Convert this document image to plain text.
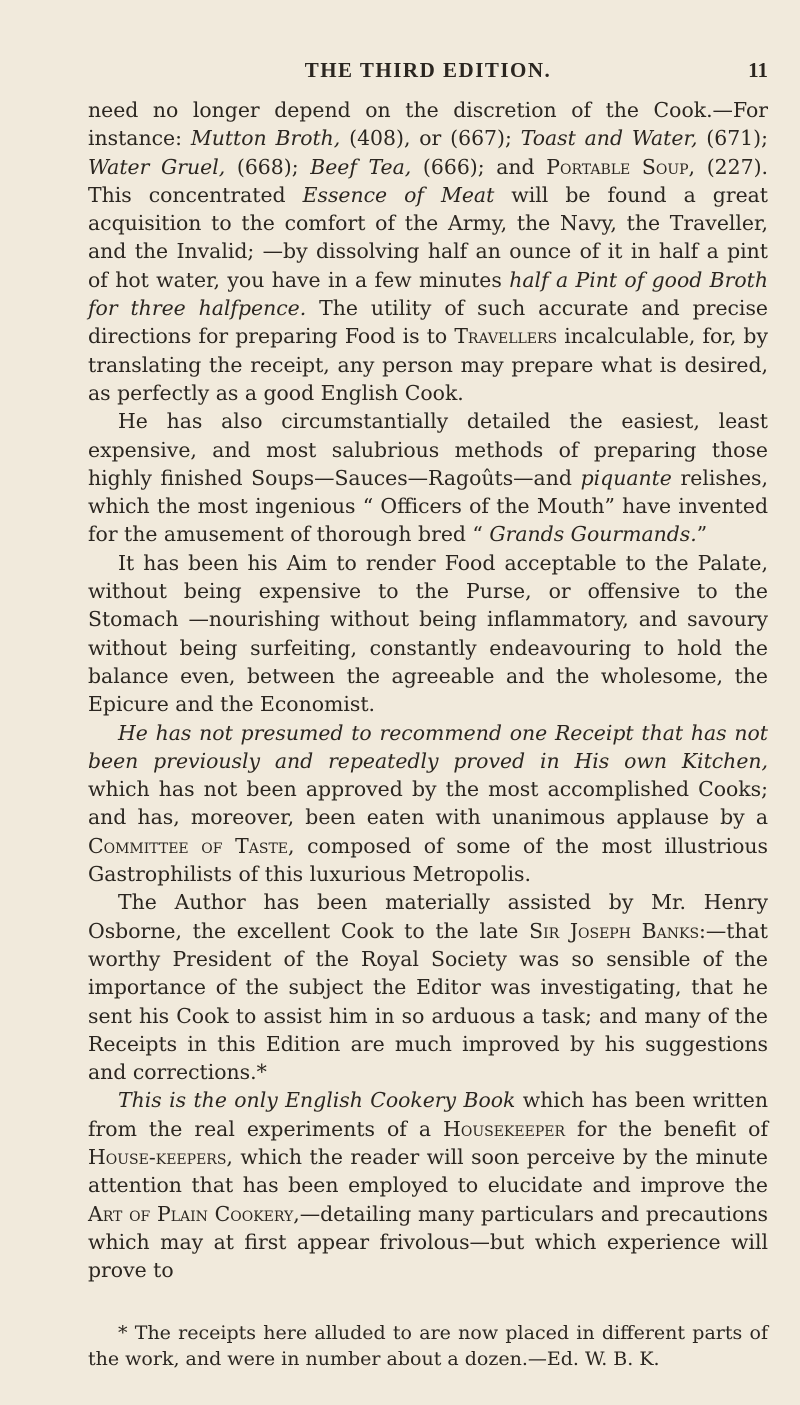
THE THIRD EDITION.	11

need no longer depend on the discretion of the Cook.—For instance: Mutton Broth, (408), or (667); Toast and Water, (671); Water Gruel, (668); Beef Tea, (666); and Portable Soup, (227). This concentrated Essence of Meat will be found a great acquisition to the comfort of the Army, the Navy, the Traveller, and the Invalid; —by dissolving half an ounce of it in half a pint of hot water, you have in a few minutes half a Pint of good Broth for three halfpence. The utility of such accurate and precise directions for preparing Food is to Travellers incalculable, for, by translating the receipt, any person may prepare what is desired, as perfectly as a good English Cook.

He has also circumstantially detailed the easiest, least expensive, and most salubrious methods of preparing those highly finished Soups—Sauces—Ragoûts—and piquante relishes, which the most ingenious “ Officers of the Mouth” have invented for the amusement of thorough bred “ Grands Gourmands.”

It has been his Aim to render Food acceptable to the Palate, without being expensive to the Purse, or offensive to the Stomach —nourishing without being inflammatory, and savoury without being surfeiting, constantly endeavouring to hold the balance even, between the agreeable and the wholesome, the Epicure and the Economist.

He has not presumed to recommend one Receipt that has not been previously and repeatedly proved in His own Kitchen, which has not been approved by the most accomplished Cooks; and has, moreover, been eaten with unanimous applause by a Committee of Taste, composed of some of the most illustrious Gastrophilists of this luxurious Metropolis.

The Author has been materially assisted by Mr. Henry Osborne, the excellent Cook to the late Sir Joseph Banks:—that worthy President of the Royal Society was so sensible of the importance of the subject the Editor was investigating, that he sent his Cook to assist him in so arduous a task; and many of the Receipts in this Edition are much improved by his suggestions and corrections.*

This is the only English Cookery Book which has been written from the real experiments of a Housekeeper for the benefit of House-keepers, which the reader will soon perceive by the minute attention that has been employed to elucidate and improve the Art of Plain Cookery,—detailing many particulars and precautions which may at first appear frivolous—but which experience will prove to

* The receipts here alluded to are now placed in different parts of the work, and were in number about a dozen.—Ed. W. B. K.
